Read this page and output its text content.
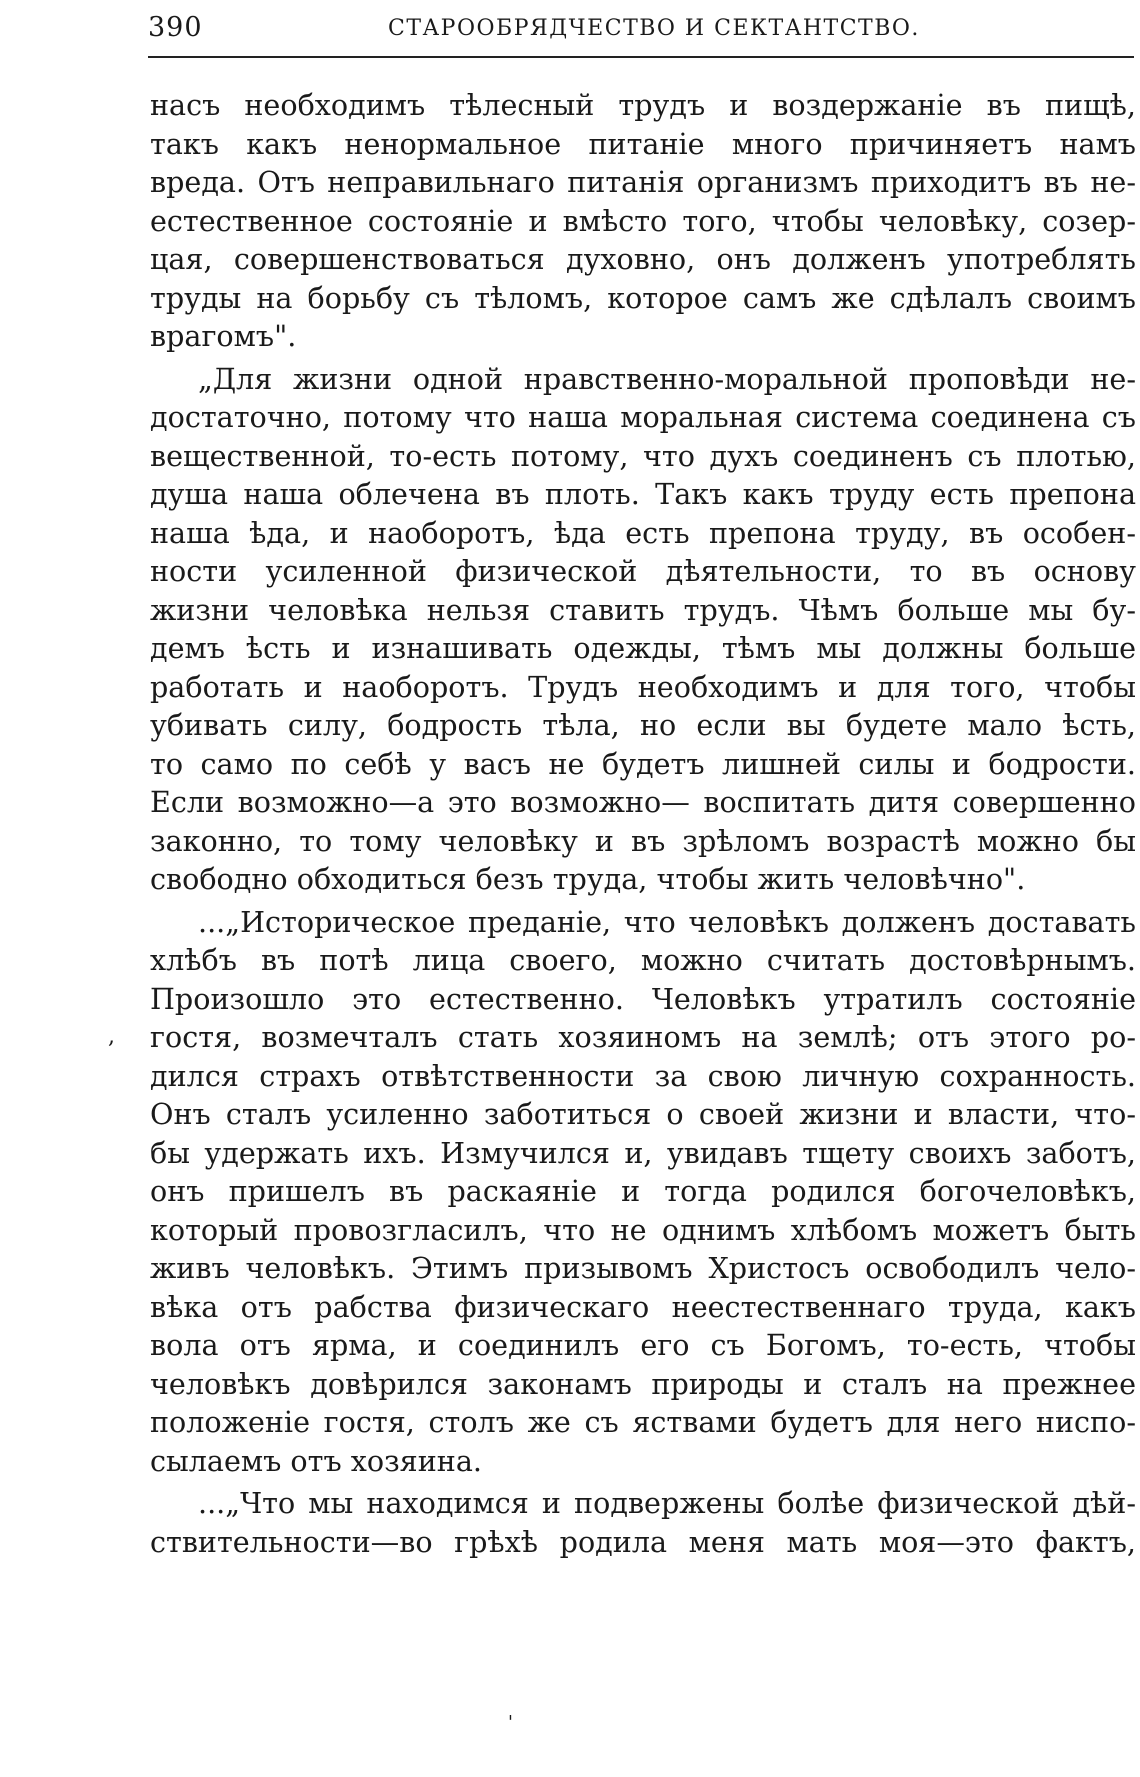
390	СТАРООБРЯДЧЕСТВО И СЕКТАНТСТВО.
насъ необходимъ тѣлесный трудъ и воздержаніе въ пищѣ,
такъ какъ ненормальное питаніе много причиняетъ намъ
вреда. Отъ неправильнаго питанія организмъ приходитъ въ не-
естественное состояніе и вмѣсто того, чтобы человѣку, созер-
цая, совершенствоваться духовно, онъ долженъ употреблять
труды на борьбу съ тѣломъ, которое самъ же сдѣлалъ своимъ
врагомъ".
„Для жизни одной нравственно-моральной проповѣди не-
достаточно, потому что наша моральная система соединена съ
вещественной, то-есть потому, что духъ соединенъ съ плотью,
душа наша облечена въ плоть. Такъ какъ труду есть препона
наша ѣда, и наоборотъ, ѣда есть препона труду, въ особен-
ности усиленной физической дѣятельности, то въ основу
жизни человѣка нельзя ставить трудъ. Чѣмъ больше мы бу-
демъ ѣсть и изнашивать одежды, тѣмъ мы должны больше
работать и наоборотъ. Трудъ необходимъ и для того, чтобы
убивать силу, бодрость тѣла, но если вы будете мало ѣсть,
то само по себѣ у васъ не будетъ лишней силы и бодрости.
Если возможно—а это возможно— воспитать дитя совершенно
законно, то тому человѣку и въ зрѣломъ возрастѣ можно бы
свободно обходиться безъ труда, чтобы жить человѣчно".
...„Историческое преданіе, что человѣкъ долженъ доставать
хлѣбъ въ потѣ лица своего, можно считать достовѣрнымъ.
Произошло это естественно. Человѣкъ утратилъ состояніе
гостя, возмечталъ стать хозяиномъ на землѣ; отъ этого ро-
дился страхъ отвѣтственности за свою личную сохранность.
Онъ сталъ усиленно заботиться о своей жизни и власти, что-
бы удержать ихъ. Измучился и, увидавъ тщету своихъ заботъ,
онъ пришелъ въ раскаяніе и тогда родился богочеловѣкъ,
который провозгласилъ, что не однимъ хлѣбомъ можетъ быть
живъ человѣкъ. Этимъ призывомъ Христосъ освободилъ чело-
вѣка отъ рабства физическаго неестественнаго труда, какъ
вола отъ ярма, и соединилъ его съ Богомъ, то-есть, чтобы
человѣкъ довѣрился законамъ природы и сталъ на прежнее
положеніе гостя, столъ же съ яствами будетъ для него ниспо-
сылаемъ отъ хозяина.
...„Что мы находимся и подвержены болѣе физической дѣй-
ствительности—во грѣхѣ родила меня мать моя—это фактъ,
,
'
